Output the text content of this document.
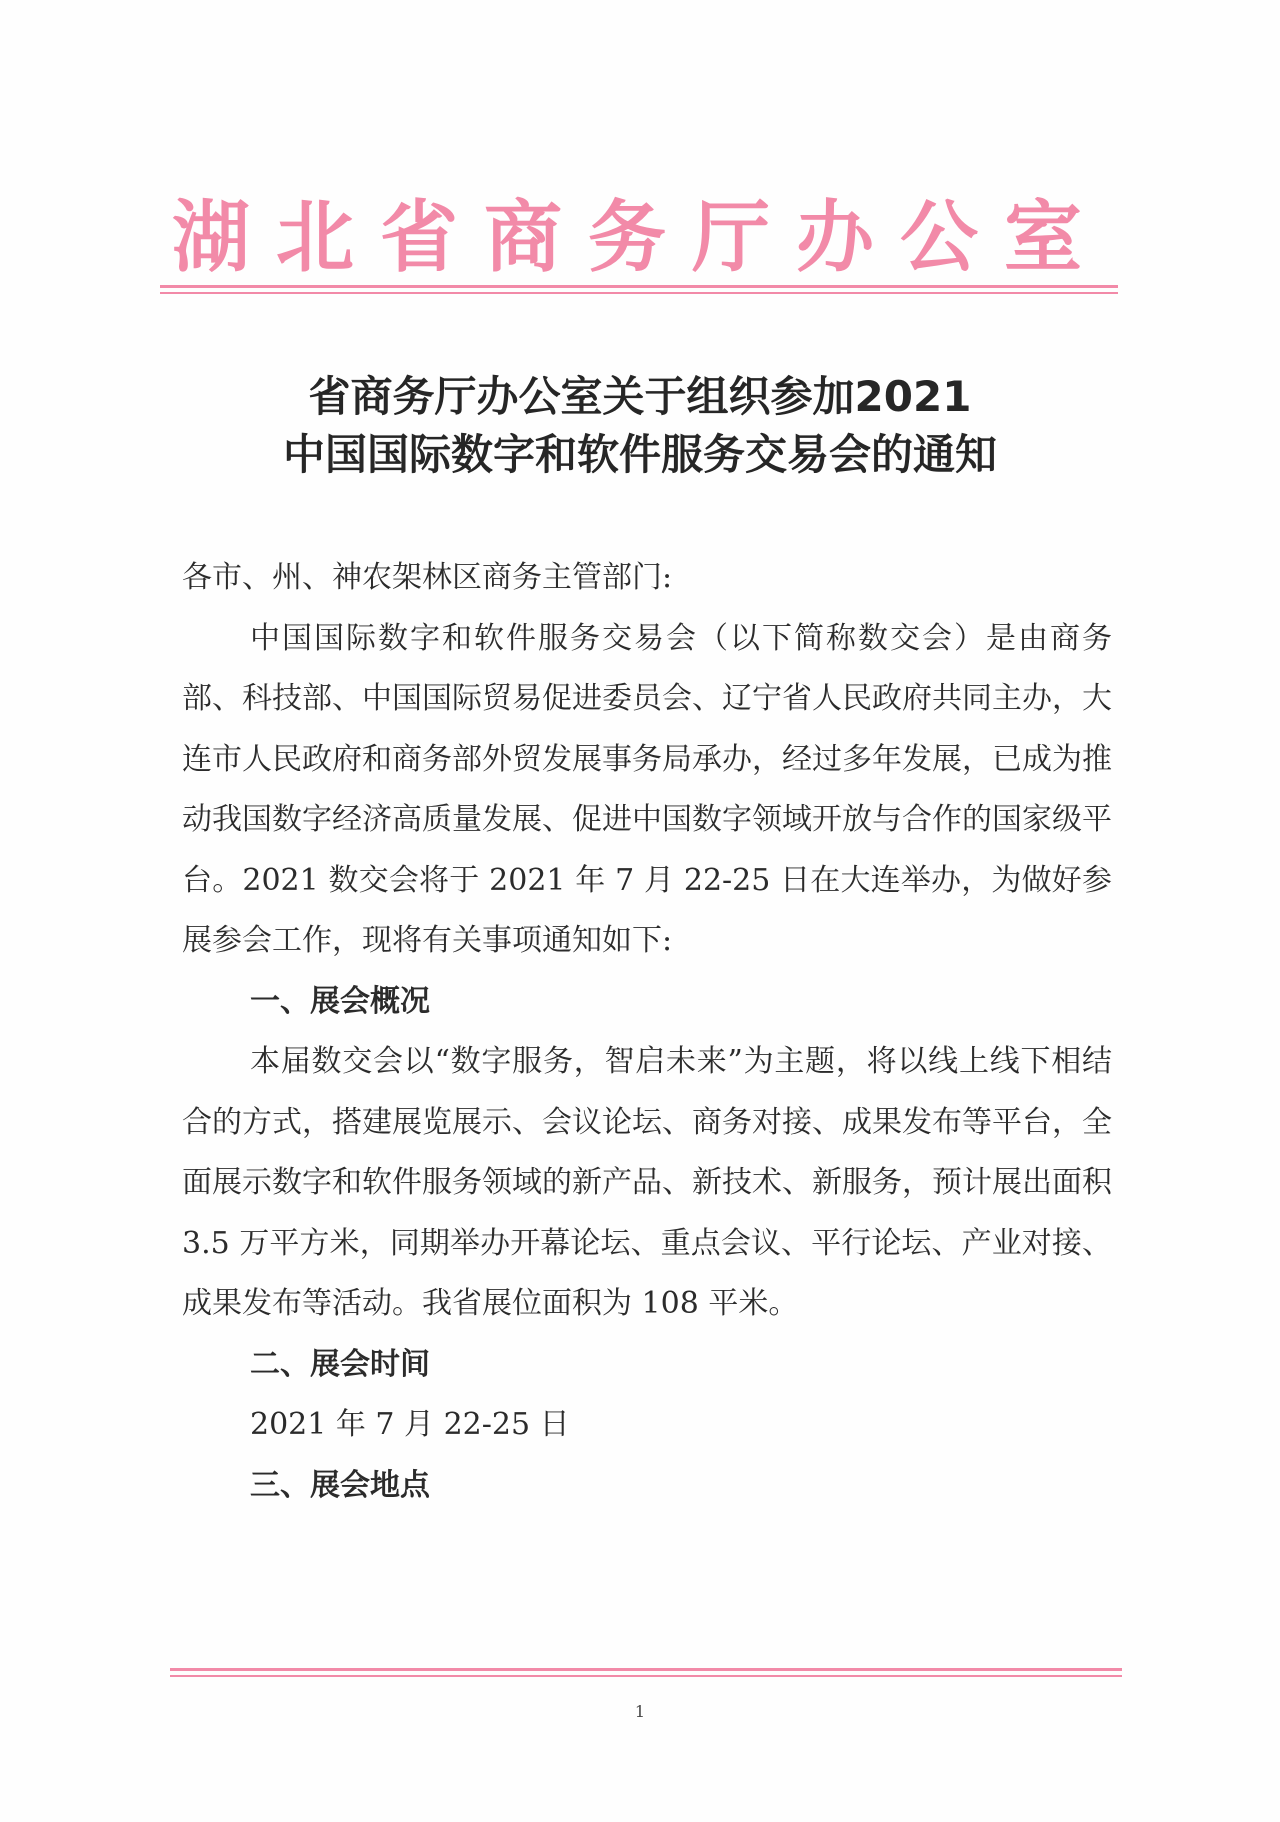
湖北省商务厅办公室
省商务厅办公室关于组织参加2021
中国国际数字和软件服务交易会的通知

各市、州、神农架林区商务主管部门:

中国国际数字和软件服务交易会（以下简称数交会）是由商务部、科技部、中国国际贸易促进委员会、辽宁省人民政府共同主办，大连市人民政府和商务部外贸发展事务局承办，经过多年发展，已成为推动我国数字经济高质量发展、促进中国数字领域开放与合作的国家级平台。2021 数交会将于 2021 年 7 月 22-25 日在大连举办，为做好参展参会工作，现将有关事项通知如下:

一、展会概况

本届数交会以“数字服务，智启未来”为主题，将以线上线下相结合的方式，搭建展览展示、会议论坛、商务对接、成果发布等平台，全面展示数字和软件服务领域的新产品、新技术、新服务，预计展出面积 3.5 万平方米，同期举办开幕论坛、重点会议、平行论坛、产业对接、成果发布等活动。我省展位面积为 108 平米。

二、展会时间

2021 年 7 月 22-25 日

三、展会地点

1
